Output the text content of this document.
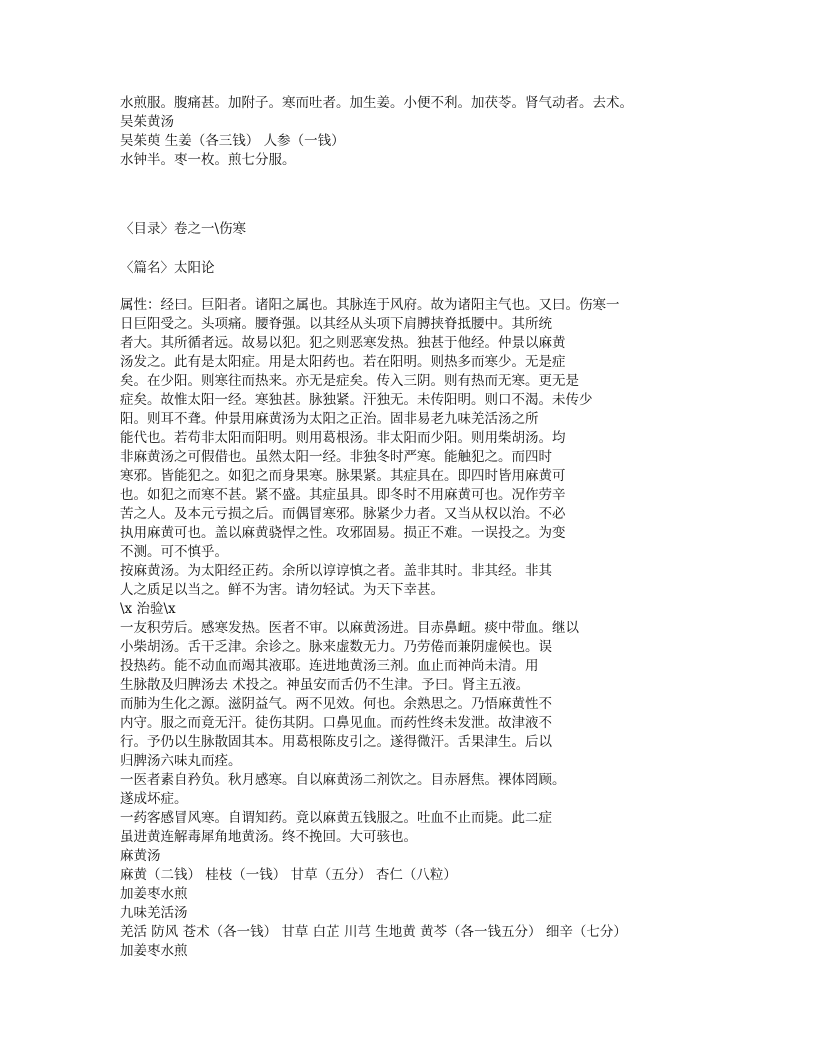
水煎服。腹痛甚。加附子。寒而吐者。加生姜。小便不利。加茯苓。肾气动者。去术。
吴茱黄汤
吴茱萸 生姜（各三钱） 人参（一钱）
水钟半。枣一枚。煎七分服。
〈目录〉卷之一\伤寒
〈篇名〉太阳论
属性：经曰。巨阳者。诸阳之属也。其脉连于风府。故为诸阳主气也。又曰。伤寒一
日巨阳受之。头项痛。腰脊强。以其经从头项下肩膊挟脊抵腰中。其所统
者大。其所循者远。故易以犯。犯之则恶寒发热。独甚于他经。仲景以麻黄
汤发之。此有是太阳症。用是太阳药也。若在阳明。则热多而寒少。无是症
矣。在少阳。则寒往而热来。亦无是症矣。传入三阴。则有热而无寒。更无是
症矣。故惟太阳一经。寒独甚。脉独紧。汗独无。未传阳明。则口不渴。未传少
阳。则耳不聋。仲景用麻黄汤为太阳之正治。固非易老九味羌活汤之所
能代也。若苟非太阳而阳明。则用葛根汤。非太阳而少阳。则用柴胡汤。均
非麻黄汤之可假借也。虽然太阳一经。非独冬时严寒。能触犯之。而四时
寒邪。皆能犯之。如犯之而身果寒。脉果紧。其症具在。即四时皆用麻黄可
也。如犯之而寒不甚。紧不盛。其症虽具。即冬时不用麻黄可也。况作劳辛
苦之人。及本元亏损之后。而偶冒寒邪。脉紧少力者。又当从权以治。不必
执用麻黄可也。盖以麻黄骁悍之性。攻邪固易。损正不难。一误投之。为变
不测。可不慎乎。
按麻黄汤。为太阳经正药。余所以谆谆慎之者。盖非其时。非其经。非其
人之质足以当之。鲜不为害。请勿轻试。为天下幸甚。
\x 治验\x
一友积劳后。感寒发热。医者不审。以麻黄汤进。目赤鼻衄。痰中带血。继以
小柴胡汤。舌干乏津。余诊之。脉来虚数无力。乃劳倦而兼阴虚候也。误
投热药。能不动血而竭其液耶。连进地黄汤三剂。血止而神尚未清。用
生脉散及归脾汤去 术投之。神虽安而舌仍不生津。予曰。肾主五液。
而肺为生化之源。滋阴益气。两不见效。何也。余熟思之。乃悟麻黄性不
内守。服之而竟无汗。徒伤其阴。口鼻见血。而药性终未发泄。故津液不
行。予仍以生脉散固其本。用葛根陈皮引之。遂得微汗。舌果津生。后以
归脾汤六味丸而痊。
一医者素自矜负。秋月感寒。自以麻黄汤二剂饮之。目赤唇焦。裸体罔顾。
遂成坏症。
一药客感冒风寒。自谓知药。竟以麻黄五钱服之。吐血不止而毙。此二症
虽进黄连解毒犀角地黄汤。终不挽回。大可骇也。
麻黄汤
麻黄（二钱） 桂枝（一钱） 甘草（五分） 杏仁（八粒）
加姜枣水煎
九味羌活汤
羌活 防风 苍术（各一钱） 甘草 白芷 川芎 生地黄 黄芩（各一钱五分） 细辛（七分）
加姜枣水煎
